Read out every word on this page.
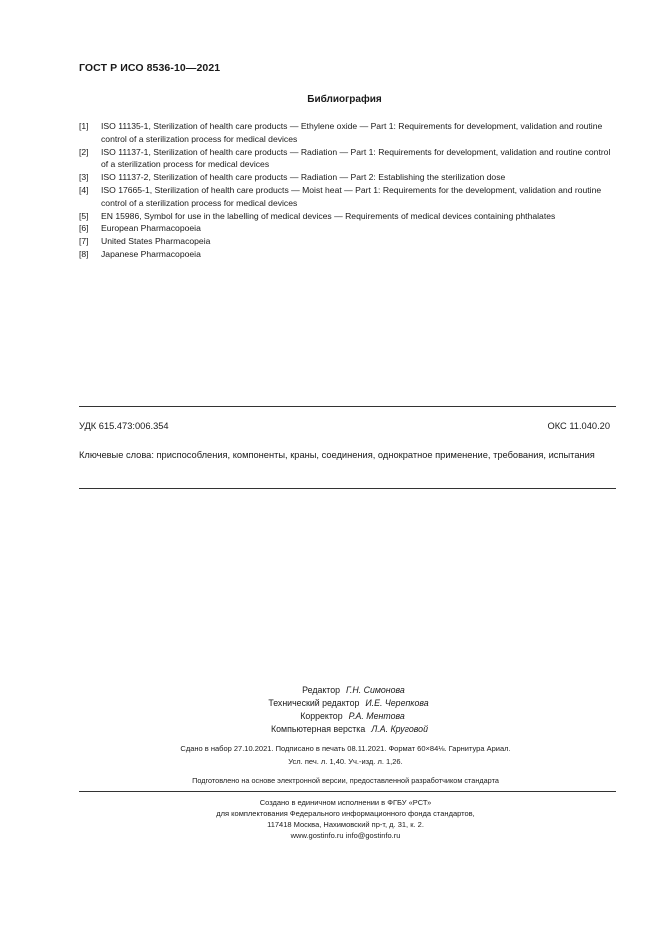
ГОСТ Р ИСО 8536-10—2021
Библиография
[1] ISO 11135-1, Sterilization of health care products — Ethylene oxide — Part 1: Requirements for development, validation and routine control of a sterilization process for medical devices
[2] ISO 11137-1, Sterilization of health care products — Radiation — Part 1: Requirements for development, validation and routine control of a sterilization process for medical devices
[3] ISO 11137-2, Sterilization of health care products — Radiation — Part 2: Establishing the sterilization dose
[4] ISO 17665-1, Sterilization of health care products — Moist heat — Part 1: Requirements for the development, validation and routine control of a sterilization process for medical devices
[5] EN 15986, Symbol for use in the labelling of medical devices — Requirements of medical devices containing phthalates
[6] European Pharmacopoeia
[7] United States Pharmacopeia
[8] Japanese Pharmacopoeia
УДК 615.473:006.354	ОКС 11.040.20
Ключевые слова: приспособления, компоненты, краны, соединения, однократное применение, требования, испытания
Редактор Г.Н. Симонова
Технический редактор И.Е. Черепкова
Корректор Р.А. Ментова
Компьютерная верстка Л.А. Круговой
Сдано в набор 27.10.2021. Подписано в печать 08.11.2021. Формат 60×84⅛. Гарнитура Ариал.
Усл. печ. л. 1,40. Уч.-изд. л. 1,26.
Подготовлено на основе электронной версии, предоставленной разработчиком стандарта
Создано в единичном исполнении в ФГБУ «РСТ»
для комплектования Федерального информационного фонда стандартов,
117418 Москва, Нахимовский пр-т, д. 31, к. 2.
www.gostinfo.ru info@gostinfo.ru
